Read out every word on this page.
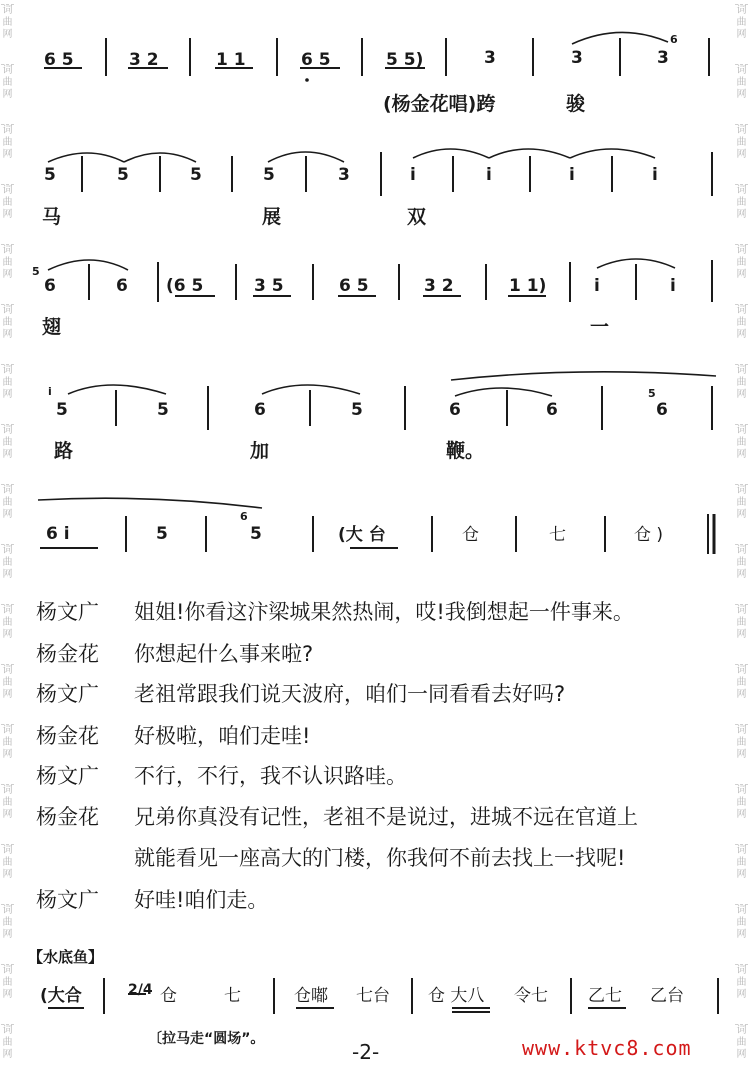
词
曲
网
词
曲
网
词
曲
网
词
曲
网
词
曲
网
词
曲
网
词
曲
网
词
曲
网
词
曲
网
词
曲
网
词
曲
网
词
曲
网
词
曲
网
词
曲
网
词
曲
网
词
曲
网
词
曲
网
词
曲
网
词
曲
网
词
曲
网
词
曲
网
词
曲
网
词
曲
网
词
曲
网
词
曲
网
词
曲
网
词
曲
网
词
曲
网
词
曲
网
词
曲
网
词
曲
网
词
曲
网
词
曲
网
词
曲
网
词
曲
网
词
曲
网
6 5	3 2	1 1	6 5	5 5)	3	3	3
6
(杨金花唱)跨	骏
5	5	5	5	3	i	i	i	i
马	展	双
5
6	6 (6 5	3 5	6 5	3 2	1 1)	i	i
翅	一
i
5	5	6	5	6	6
5
6
路	加	鞭。
6 i	5
6
5	(大 台	仓	七	仓 )
杨文广	姐姐!你看这汴梁城果然热闹，哎!我倒想起一件事来。
杨金花	你想起什么事来啦?
杨文广	老祖常跟我们说天波府，咱们一同看看去好吗?
杨金花	好极啦，咱们走哇!
杨文广	不行，不行，我不认识路哇。
杨金花	兄弟你真没有记性，老祖不是说过，进城不远在官道上
就能看见一座高大的门楼，你我何不前去找上一找呢!
杨文广	好哇!咱们走。
【水底鱼】
(大合	2/4 仓	七	仓嘟 七台 仓 大八 令七 乙七 乙台
〔拉马走“圆场”。
-2-	www.ktvc8.com
